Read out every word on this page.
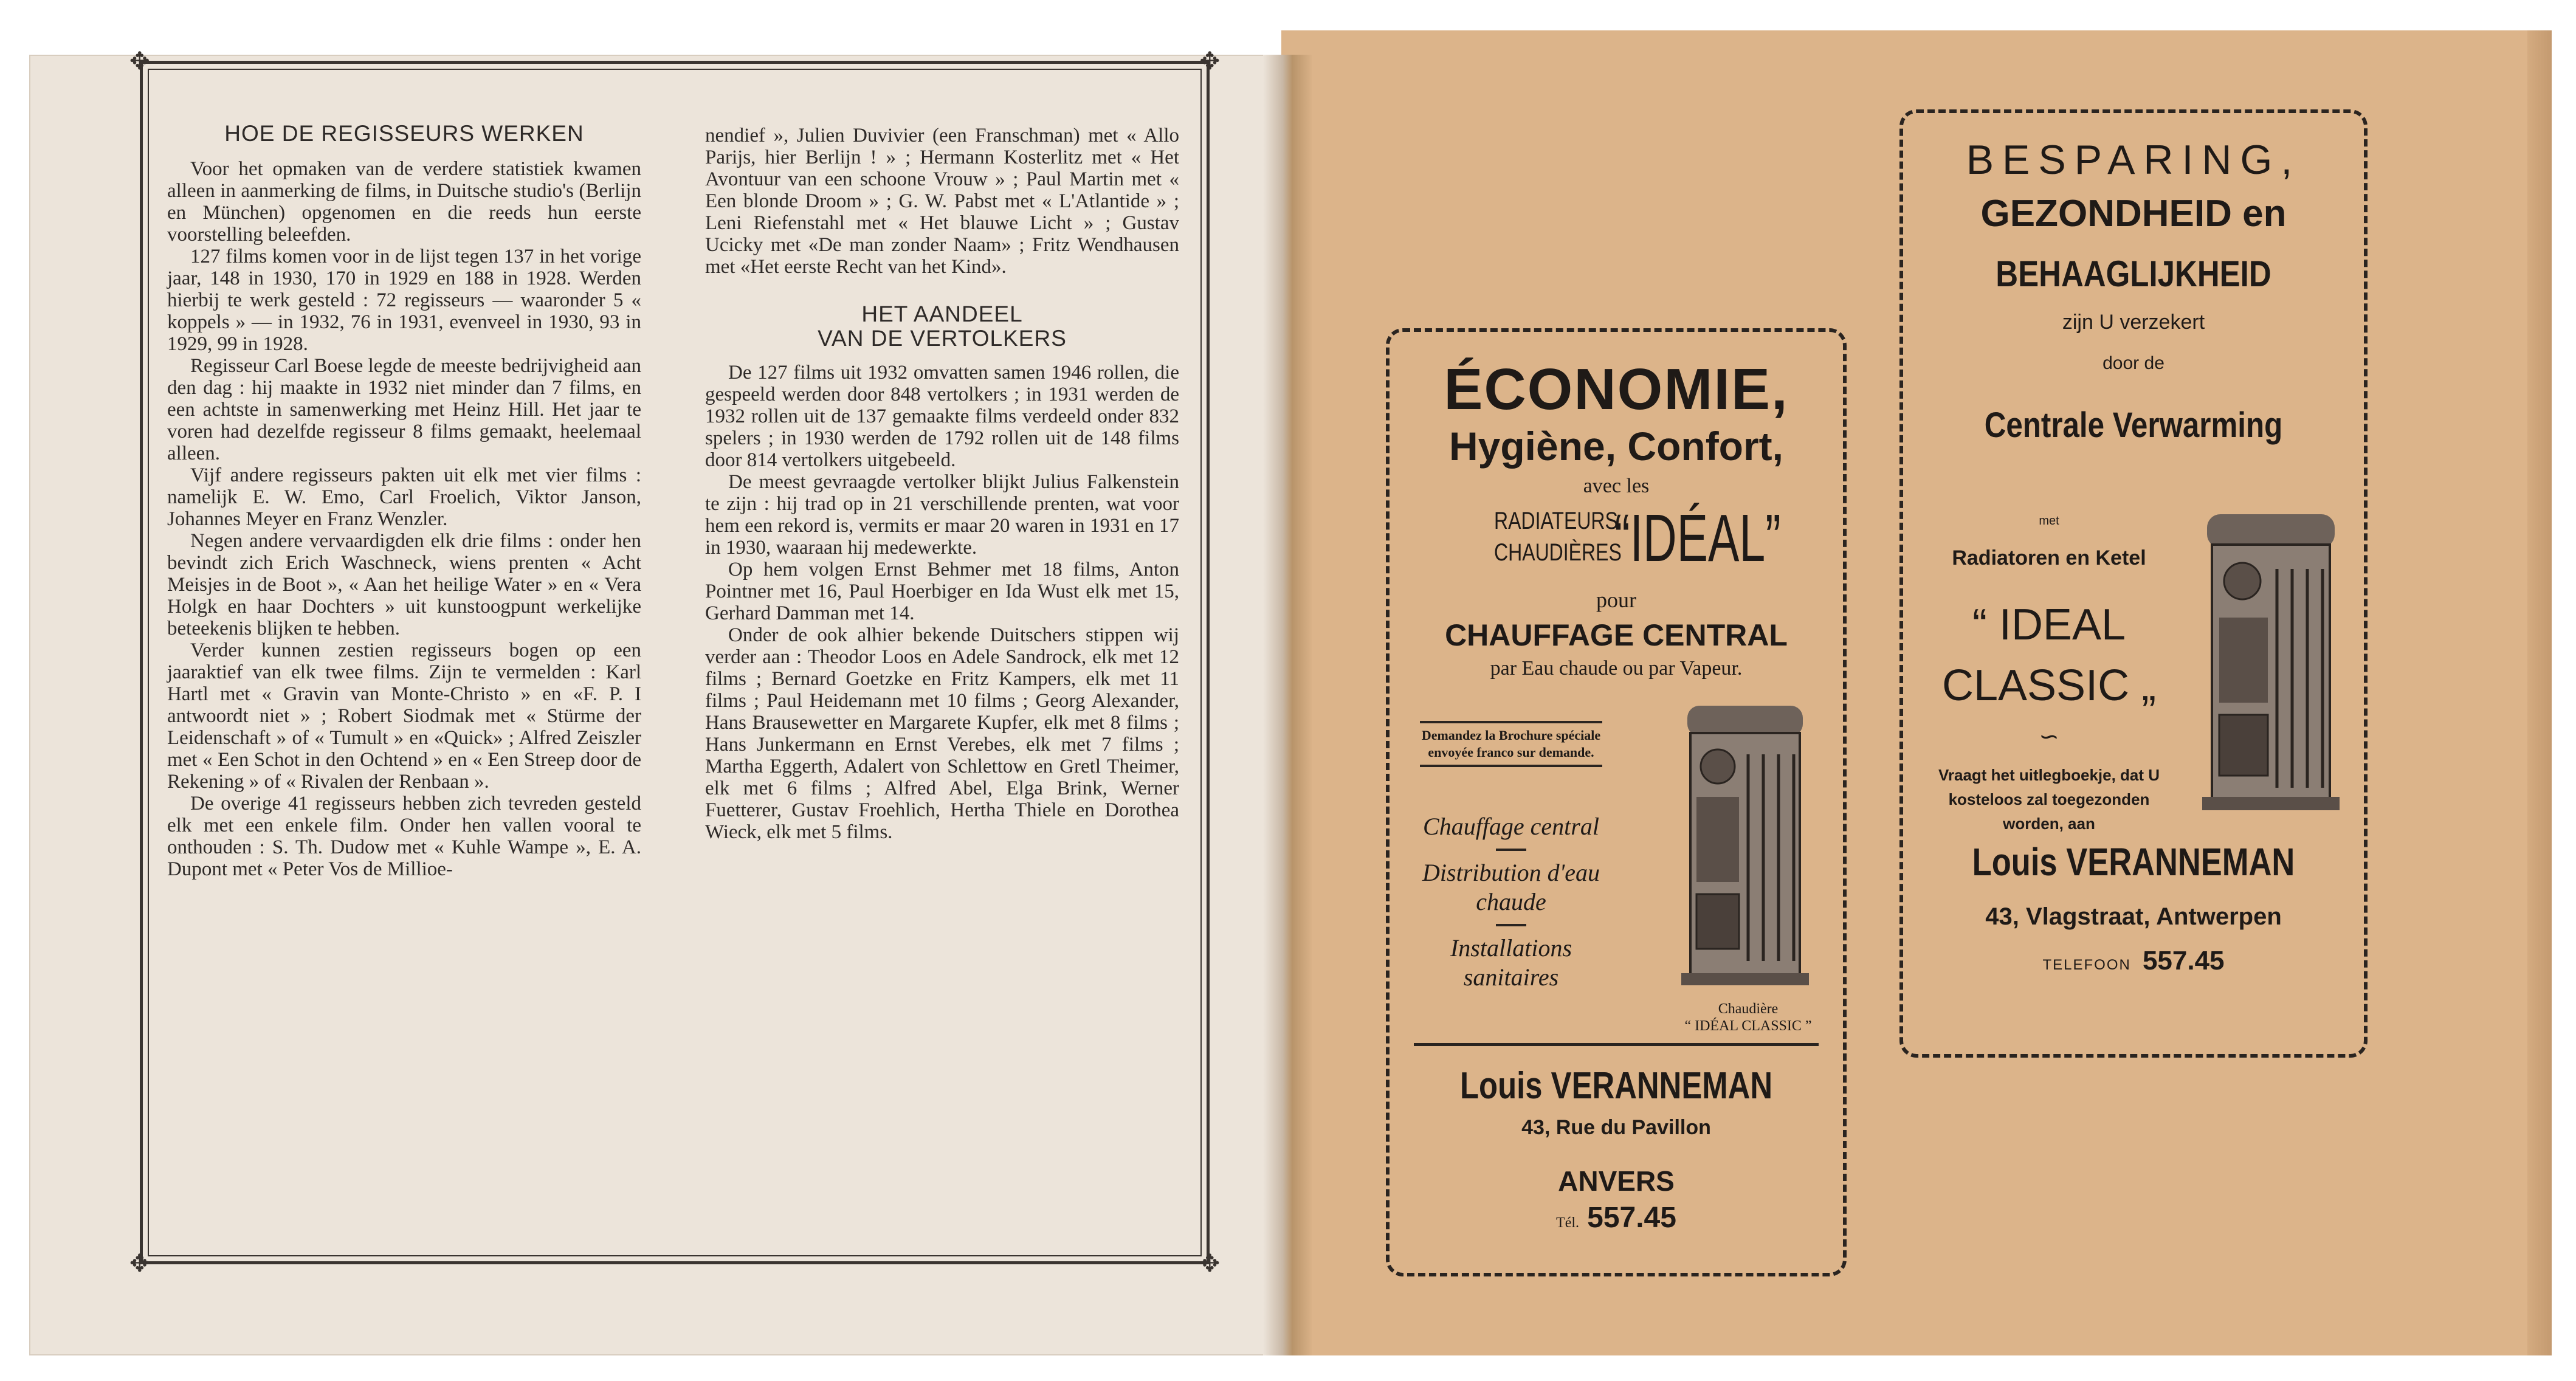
✥	✥
✥	✥
HOE DE REGISSEURS WERKEN

Voor het opmaken van de verdere statistiek kwamen alleen in aanmerking de films, in Duitsche studio's (Berlijn en München) opgenomen en die reeds hun eerste voorstelling beleefden.

127 films komen voor in de lijst tegen 137 in het vorige jaar, 148 in 1930, 170 in 1929 en 188 in 1928. Werden hierbij te werk gesteld : 72 regisseurs — waaronder 5 « koppels » — in 1932, 76 in 1931, evenveel in 1930, 93 in 1929, 99 in 1928.

Regisseur Carl Boese legde de meeste bedrijvigheid aan den dag : hij maakte in 1932 niet minder dan 7 films, en een achtste in samenwerking met Heinz Hill. Het jaar te voren had dezelfde regisseur 8 films gemaakt, heelemaal alleen.

Vijf andere regisseurs pakten uit elk met vier films : namelijk E. W. Emo, Carl Froelich, Viktor Janson, Johannes Meyer en Franz Wenzler.

Negen andere vervaardigden elk drie films : onder hen bevindt zich Erich Waschneck, wiens prenten « Acht Meisjes in de Boot », « Aan het heilige Water » en « Vera Holgk en haar Dochters » uit kunstoogpunt werkelijke beteekenis blijken te hebben.

Verder kunnen zestien regisseurs bogen op een jaaraktief van elk twee films. Zijn te vermelden : Karl Hartl met « Gravin van Monte-Christo » en «F. P. I antwoordt niet » ; Robert Siodmak met « Stürme der Leidenschaft » of « Tumult » en «Quick» ; Alfred Zeiszler met « Een Schot in den Ochtend » en « Een Streep door de Rekening » of « Rivalen der Renbaan ».

De overige 41 regisseurs hebben zich tevreden gesteld elk met een enkele film. Onder hen vallen vooral te onthouden : S. Th. Dudow met « Kuhle Wampe », E. A. Dupont met « Peter Vos de Millioe-

nendief », Julien Duvivier (een Franschman) met « Allo Parijs, hier Berlijn ! » ; Hermann Kosterlitz met « Het Avontuur van een schoone Vrouw » ; Paul Martin met « Een blonde Droom » ; G. W. Pabst met « L'Atlantide » ; Leni Riefenstahl met « Het blauwe Licht » ; Gustav Ucicky met «De man zonder Naam» ; Fritz Wendhausen met «Het eerste Recht van het Kind».

HET AANDEEL
VAN DE VERTOLKERS

De 127 films uit 1932 omvatten samen 1946 rollen, die gespeeld werden door 848 vertolkers ; in 1931 werden de 1932 rollen uit de 137 gemaakte films verdeeld onder 832 spelers ; in 1930 werden de 1792 rollen uit de 148 films door 814 vertolkers uitgebeeld.

De meest gevraagde vertolker blijkt Julius Falkenstein te zijn : hij trad op in 21 verschillende prenten, wat voor hem een rekord is, vermits er maar 20 waren in 1931 en 17 in 1930, waaraan hij medewerkte.

Op hem volgen Ernst Behmer met 18 films, Anton Pointner met 16, Paul Hoerbiger en Ida Wust elk met 15, Gerhard Damman met 14.

Onder de ook alhier bekende Duitschers stippen wij verder aan : Theodor Loos en Adele Sandrock, elk met 12 films ; Bernard Goetzke en Fritz Kampers, elk met 11 films ; Paul Heidemann met 10 films ; Georg Alexander, Hans Brausewetter en Margarete Kupfer, elk met 8 films ; Hans Junkermann en Ernst Verebes, elk met 7 films ; Martha Eggerth, Adalert von Schlettow en Gretl Theimer, elk met 6 films ; Alfred Abel, Elga Brink, Werner Fuetterer, Gustav Froehlich, Hertha Thiele en Dorothea Wieck, elk met 5 films.

ÉCONOMIE,
Hygiène, Confort,
avec les
RADIATEURS
CHAUDIÈRES
“IDÉAL”
pour
CHAUFFAGE CENTRAL
par Eau chaude ou par Vapeur.
Demandez la Brochure spéciale envoyée franco sur demande.
Chauffage central
Distribution d'eau chaude
Installations sanitaires
Chaudière
“ IDÉAL CLASSIC ”
Louis VERANNEMAN
43, Rue du Pavillon
ANVERS
Tél. 557.45
BESPARING,
GEZONDHEID en
BEHAAGLIJKHEID
zijn U verzekert
door de
Centrale Verwarming
met
Radiatoren en Ketel
“ IDEAL
CLASSIC „
∽
Vraagt het uitlegboekje, dat U kosteloos zal toegezonden worden, aan
Louis VERANNEMAN
43, Vlagstraat, Antwerpen
TELEFOON 557.45
